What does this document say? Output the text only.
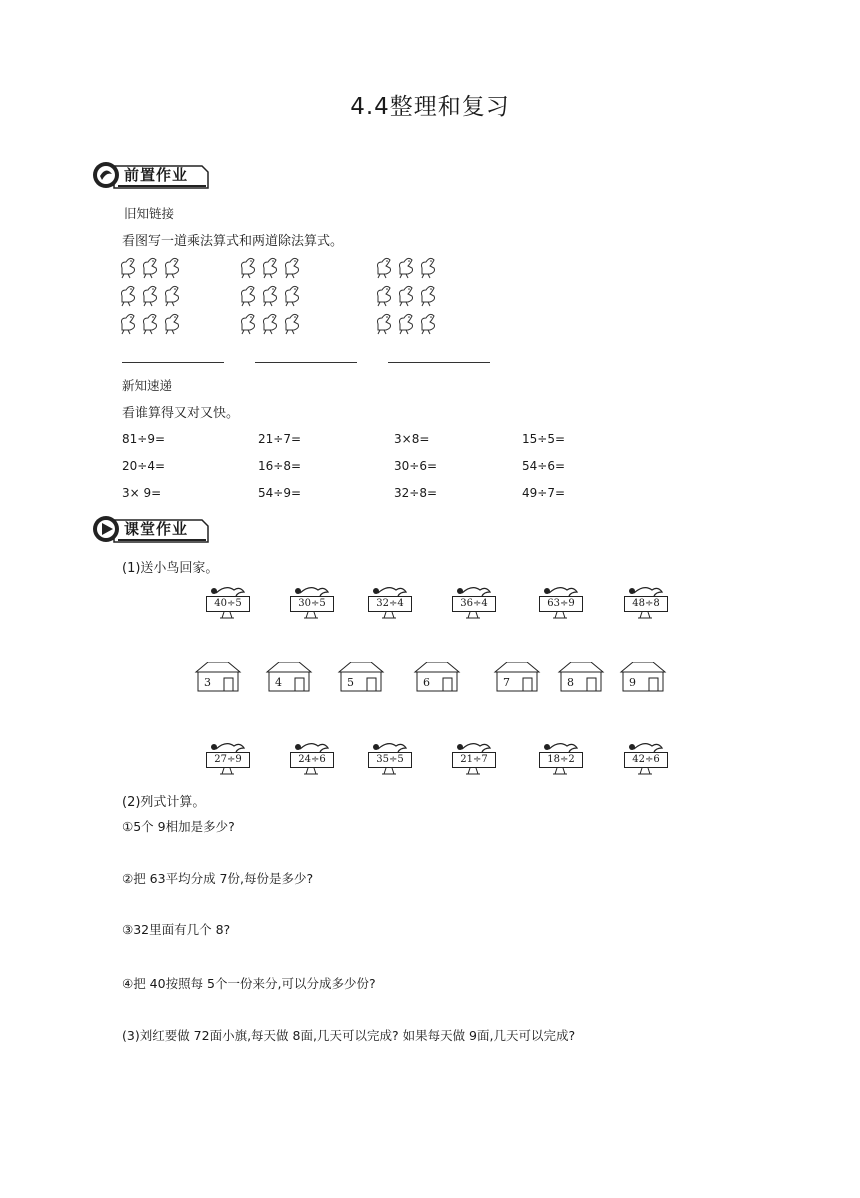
4.4整理和复习
前置作业
旧知链接
看图写一道乘法算式和两道除法算式。
新知速递
看谁算得又对又快。
81÷9=	21÷7=	3×8=	15÷5=
20÷4=	16÷8=	30÷6=	54÷6=
3× 9=	54÷9=	32÷8=	49÷7=
课堂作业
(1)送小鸟回家。
40÷5	30÷5	32÷4	36÷4	63÷9	48÷8
3	4	5	6	7	8	9
27÷9	24÷6	35÷5	21÷7	18÷2	42÷6
(2)列式计算。
①5个 9相加是多少?
②把 63平均分成 7份,每份是多少?
③32里面有几个 8?
④把 40按照每 5个一份来分,可以分成多少份?
(3)刘红要做 72面小旗,每天做 8面,几天可以完成? 如果每天做 9面,几天可以完成?
